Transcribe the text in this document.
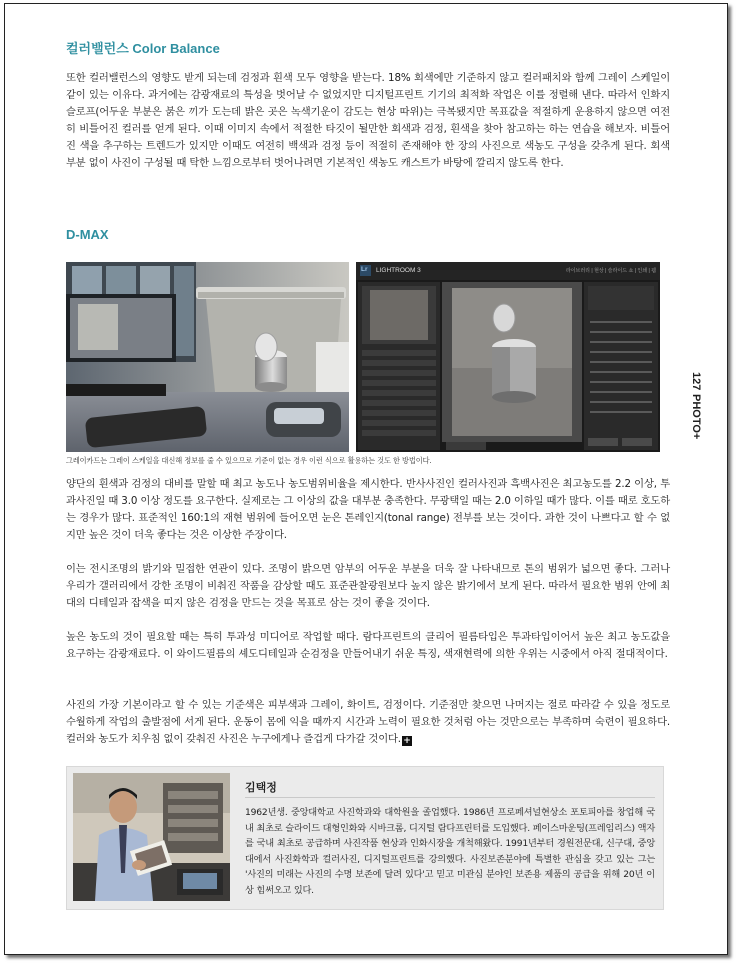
컬러밸런스 Color Balance
또한 컬러밸런스의 영향도 받게 되는데 검정과 흰색 모두 영향을 받는다. 18% 회색에만 기준하지 않고 컬러패치와 함께 그레이 스케일이 같이 있는 이유다. 과거에는 감광재료의 특성을 벗어날 수 없었지만 디지털프린트 기기의 최적화 작업은 이를 정렬해 낸다. 따라서 인화지 슬로프(어두운 부분은 붉은 끼가 도는데 밝은 곳은 녹색기운이 감도는 현상 따위)는 극복됐지만 목표값을 적절하게 운용하지 않으면 여전히 비틀어진 컬러를 얻게 된다. 이때 이미지 속에서 적절한 타깃이 될만한 회색과 검정, 흰색을 찾아 참고하는 하는 연습을 해보자. 비틀어진 색을 추구하는 트렌드가 있지만 이때도 여전히 백색과 검정 등이 적절히 존재해야 한 장의 사진으로 색농도 구성을 갖추게 된다. 회색 부분 없이 사진이 구성될 때 탁한 느낌으로부터 벗어나려면 기본적인 색농도 캐스트가 바탕에 깔리지 않도록 한다.
D-MAX
Lr LIGHTROOM 3	라이브러리 | 현상 | 슬라이드 쇼 | 인쇄 | 웹
그레이카드는 그레이 스케일을 대신해 정보를 줄 수 있으므로 기준이 없는 경우 이런 식으로 활용하는 것도 한 방법이다.
양단의 흰색과 검정의 대비를 말할 때 최고 농도나 농도범위비율을 제시한다. 반사사진인 컬러사진과 흑백사진은 최고농도를 2.2 이상, 투과사진일 때 3.0 이상 정도를 요구한다. 실제로는 그 이상의 값을 대부분 충족한다. 무광택일 때는 2.0 이하일 때가 많다. 이를 때로 호도하는 경우가 많다. 표준적인 160:1의 재현 범위에 들어오면 눈은 톤레인지(tonal range) 전부를 보는 것이다. 과한 것이 나쁘다고 할 수 없지만 높은 것이 더욱 좋다는 것은 이상한 주장이다.
이는 전시조명의 밝기와 밀접한 연관이 있다. 조명이 밝으면 암부의 어두운 부분을 더욱 잘 나타내므로 톤의 범위가 넓으면 좋다. 그러나 우리가 갤러리에서 강한 조명이 비춰진 작품을 감상할 때도 표준관찰광원보다 높지 않은 밝기에서 보게 된다. 따라서 필요한 범위 안에 최대의 디테일과 잡색을 띠지 않은 검정을 만드는 것을 목표로 삼는 것이 좋을 것이다.
높은 농도의 것이 필요할 때는 특히 투과성 미디어로 작업할 때다. 람다프린트의 클리어 필름타입은 투과타입이어서 높은 최고 농도값을 요구하는 감광재료다. 이 와이드필름의 셰도디테일과 순검정을 만들어내기 쉬운 특징, 색재현력에 의한 우위는 시중에서 아직 절대적이다.
사진의 가장 기본이라고 할 수 있는 기준색은 피부색과 그레이, 화이트, 검정이다. 기준점만 찾으면 나머지는 절로 따라갈 수 있을 정도로 수월하게 작업의 출발점에 서게 된다. 운동이 몸에 익을 때까지 시간과 노력이 필요한 것처럼 아는 것만으로는 부족하며 숙련이 필요하다. 컬러와 농도가 치우침 없이 갖춰진 사진은 누구에게나 즐겁게 다가갈 것이다. +
127
PHOTO+
김택정
1962년생. 중앙대학교 사진학과와 대학원을 졸업했다. 1986년 프로페셔널현상소 포토피아를 창업해 국내 최초로 슬라이드 대형인화와 시바크롬, 디지털 람다프린터를 도입했다. 페이스마운팅(프레임리스) 액자를 국내 최초로 공급하며 사진작품 현상과 인화시장을 개척해왔다. 1991년부터 경원전문대, 신구대, 중앙대에서 사진화학과 컬러사진, 디지털프린트를 강의했다. 사진보존분야에 특별한 관심을 갖고 있는 그는 '사진의 미래는 사진의 수명 보존에 달려 있다'고 믿고 미관심 분야인 보존용 제품의 공급을 위해 20년 이상 힘써오고 있다.
